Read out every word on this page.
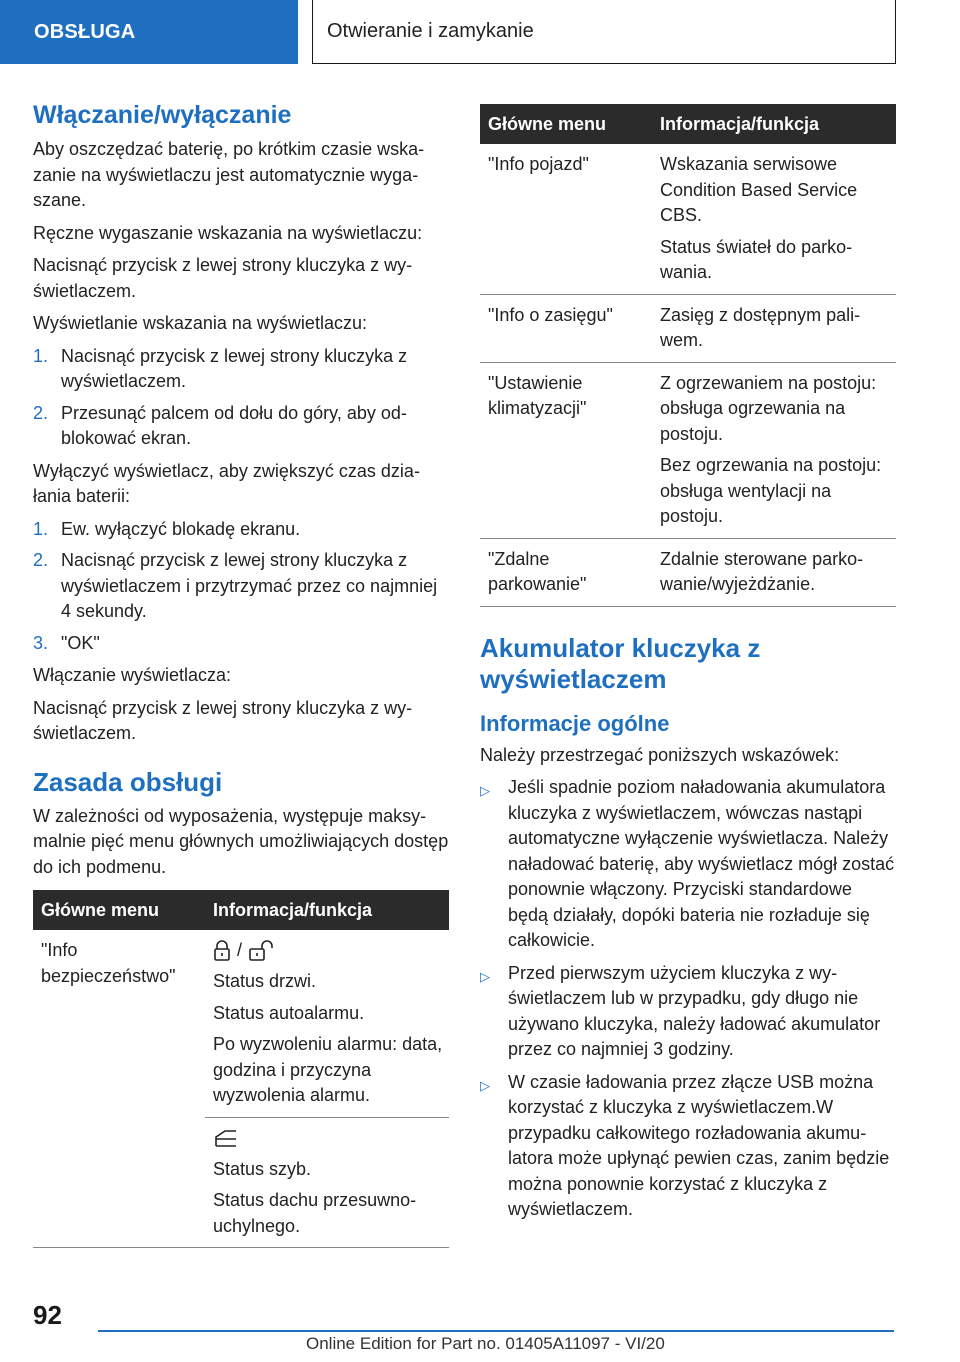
OBSŁUGA	Otwieranie i zamykanie
Włączanie/wyłączanie
Aby oszczędzać baterię, po krótkim czasie wskazanie na wyświetlaczu jest automatycznie wygaszane.
Ręczne wygaszanie wskazania na wyświetlaczu:
Nacisnąć przycisk z lewej strony kluczyka z wyświetlaczem.
Wyświetlanie wskazania na wyświetlaczu:
1. Nacisnąć przycisk z lewej strony kluczyka z wyświetlaczem.
2. Przesunąć palcem od dołu do góry, aby odblokować ekran.
Wyłączyć wyświetlacz, aby zwiększyć czas działania baterii:
1. Ew. wyłączyć blokadę ekranu.
2. Nacisnąć przycisk z lewej strony kluczyka z wyświetlaczem i przytrzymać przez co najmniej 4 sekundy.
3. "OK"
Włączanie wyświetlacza:
Nacisnąć przycisk z lewej strony kluczyka z wyświetlaczem.
Zasada obsługi
W zależności od wyposażenia, występuje maksymalnie pięć menu głównych umożliwiających dostęp do ich podmenu.
Główne menu	Informacja/funkcja
"Info bezpieczeństwo"	/
Status drzwi.
Status autoalarmu.
Po wyzwoleniu alarmu: data, godzina i przyczyna wyzwolenia alarmu.

	Status szyb.
Status dachu przesuwnouchylnego.
Główne menu	Informacja/funkcja
"Info pojazd"	Wskazania serwisowe Condition Based Service CBS.
Status świateł do parkowania.

"Info o zasięgu"	Zasięg z dostępnym paliwem.

"Ustawienie klimatyzacji"	Z ogrzewaniem na postoju: obsługa ogrzewania na postoju.
Bez ogrzewania na postoju: obsługa wentylacji na postoju.

"Zdalne parkowanie"	Zdalnie sterowane parkowanie/wyjeżdżanie.
Akumulator kluczyka z wyświetlaczem
Informacje ogólne
Należy przestrzegać poniższych wskazówek:
▷	Jeśli spadnie poziom naładowania akumulatora kluczyka z wyświetlaczem, wówczas nastąpi automatyczne wyłączenie wyświetlacza. Należy naładować baterię, aby wyświetlacz mógł zostać ponownie włączony. Przyciski standardowe będą działały, dopóki bateria nie rozładuje się całkowicie.
▷	Przed pierwszym użyciem kluczyka z wyświetlaczem lub w przypadku, gdy długo nie używano kluczyka, należy ładować akumulator przez co najmniej 3 godziny.
▷	W czasie ładowania przez złącze USB można korzystać z kluczyka z wyświetlaczem.W przypadku całkowitego rozładowania akumulatora może upłynąć pewien czas, zanim będzie można ponownie korzystać z kluczyka z wyświetlaczem.
92
Online Edition for Part no. 01405A11097 - VI/20
